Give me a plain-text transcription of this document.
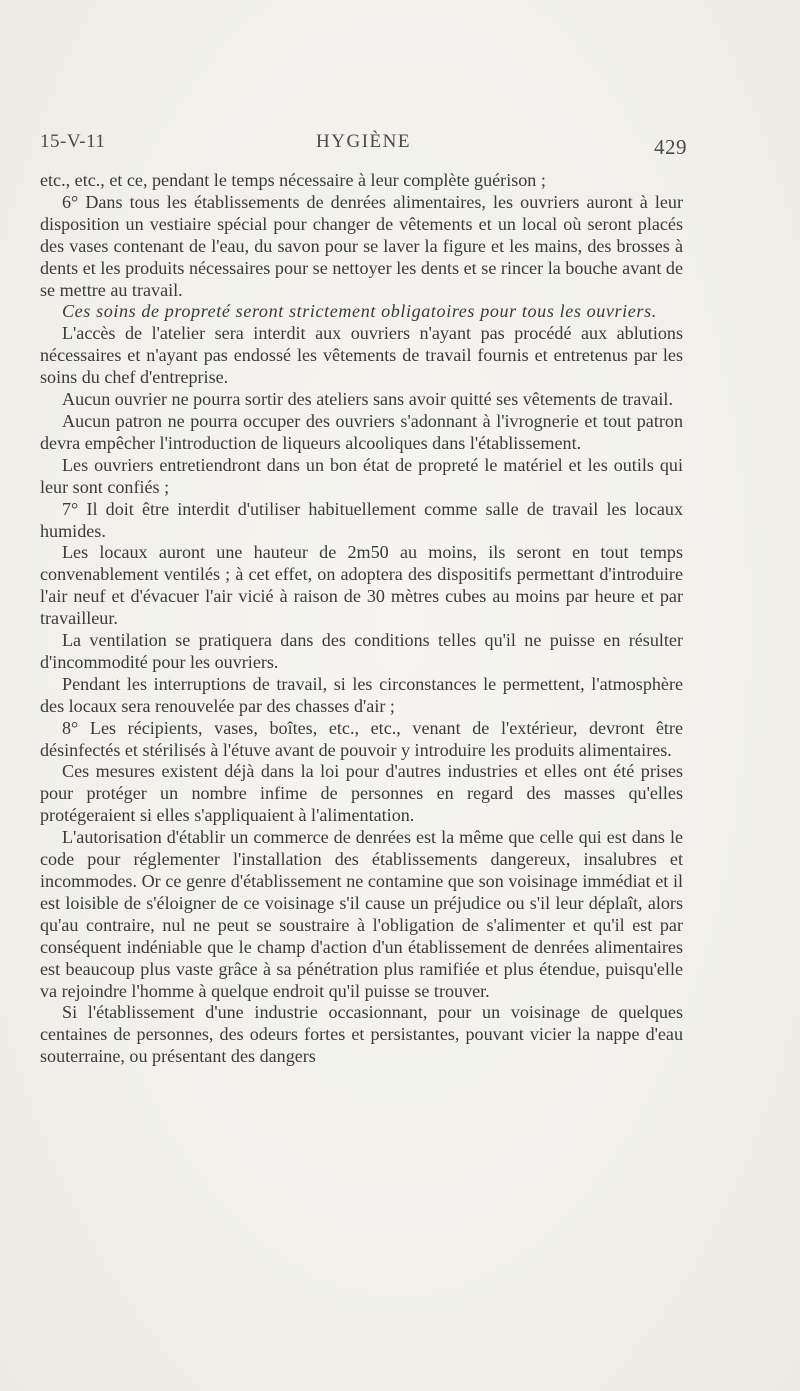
15-V-11	HYGIÈNE	429

etc., etc., et ce, pendant le temps nécessaire à leur complète guérison ;

6° Dans tous les établissements de denrées alimentaires, les ouvriers auront à leur disposition un vestiaire spécial pour changer de vêtements et un local où seront placés des vases contenant de l'eau, du savon pour se laver la figure et les mains, des brosses à dents et les produits nécessaires pour se nettoyer les dents et se rincer la bouche avant de se mettre au travail.

Ces soins de propreté seront strictement obligatoires pour tous les ouvriers.

L'accès de l'atelier sera interdit aux ouvriers n'ayant pas procédé aux ablutions nécessaires et n'ayant pas endossé les vêtements de travail fournis et entretenus par les soins du chef d'entreprise.

Aucun ouvrier ne pourra sortir des ateliers sans avoir quitté ses vêtements de travail.

Aucun patron ne pourra occuper des ouvriers s'adonnant à l'ivrognerie et tout patron devra empêcher l'introduction de liqueurs alcooliques dans l'établissement.

Les ouvriers entretiendront dans un bon état de propreté le matériel et les outils qui leur sont confiés ;

7° Il doit être interdit d'utiliser habituellement comme salle de travail les locaux humides.

Les locaux auront une hauteur de 2m50 au moins, ils seront en tout temps convenablement ventilés ; à cet effet, on adoptera des dispositifs permettant d'introduire l'air neuf et d'évacuer l'air vicié à raison de 30 mètres cubes au moins par heure et par travailleur.

La ventilation se pratiquera dans des conditions telles qu'il ne puisse en résulter d'incommodité pour les ouvriers.

Pendant les interruptions de travail, si les circonstances le permettent, l'atmosphère des locaux sera renouvelée par des chasses d'air ;

8° Les récipients, vases, boîtes, etc., etc., venant de l'extérieur, devront être désinfectés et stérilisés à l'étuve avant de pouvoir y introduire les produits alimentaires.

Ces mesures existent déjà dans la loi pour d'autres industries et elles ont été prises pour protéger un nombre infime de personnes en regard des masses qu'elles protégeraient si elles s'appliquaient à l'alimentation.

L'autorisation d'établir un commerce de denrées est la même que celle qui est dans le code pour réglementer l'installation des établissements dangereux, insalubres et incommodes. Or ce genre d'établissement ne contamine que son voisinage immédiat et il est loisible de s'éloigner de ce voisinage s'il cause un préjudice ou s'il leur déplaît, alors qu'au contraire, nul ne peut se soustraire à l'obligation de s'alimenter et qu'il est par conséquent indéniable que le champ d'action d'un établissement de denrées alimentaires est beaucoup plus vaste grâce à sa pénétration plus ramifiée et plus étendue, puisqu'elle va rejoindre l'homme à quelque endroit qu'il puisse se trouver.

Si l'établissement d'une industrie occasionnant, pour un voisinage de quelques centaines de personnes, des odeurs fortes et persistantes, pouvant vicier la nappe d'eau souterraine, ou présentant des dangers
